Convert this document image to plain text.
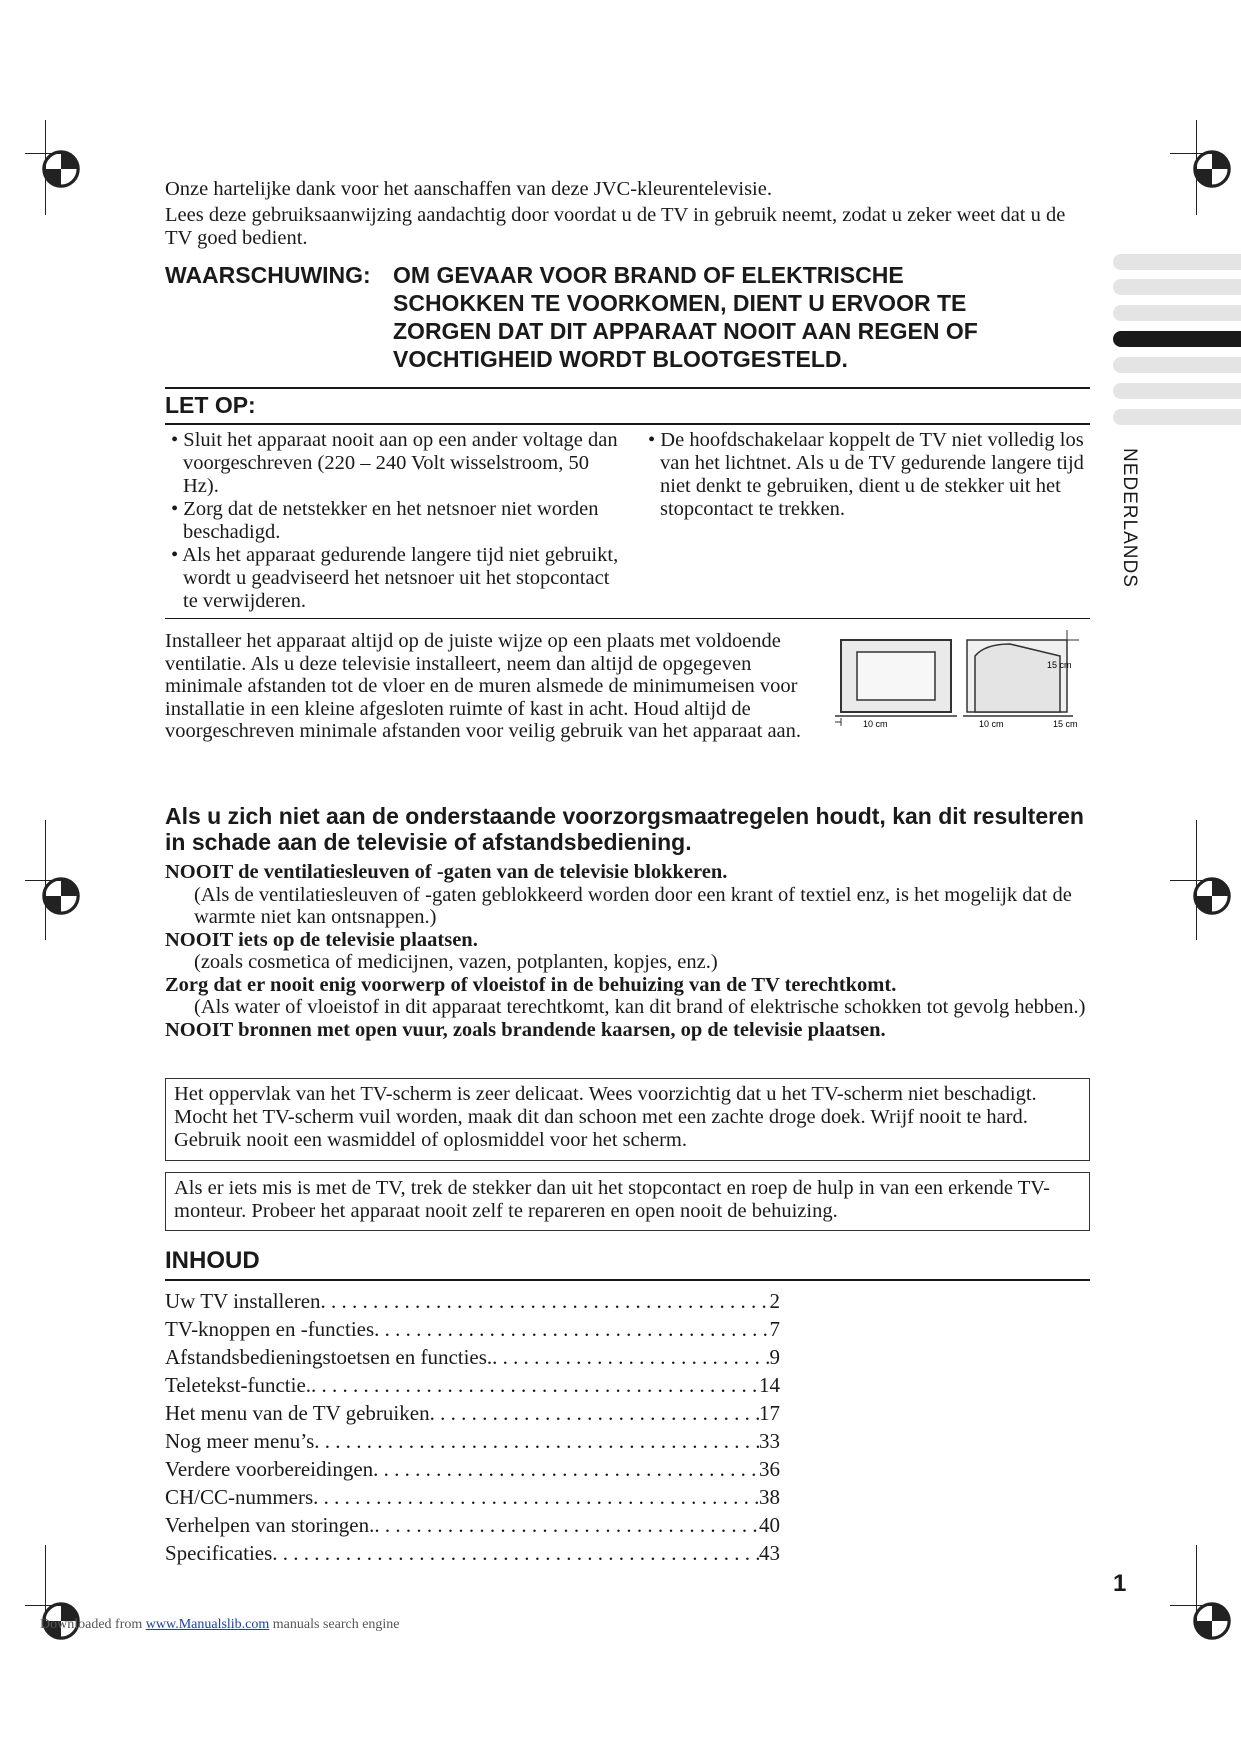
NEDERLANDS

Onze hartelijke dank voor het aanschaffen van deze JVC-kleurentelevisie.

Lees deze gebruiksaanwijzing aandachtig door voordat u de TV in gebruik neemt, zodat u zeker weet dat u de TV goed bedient.

WAARSCHUWING: OM GEVAAR VOOR BRAND OF ELEKTRISCHE
SCHOKKEN TE VOORKOMEN, DIENT U ERVOOR TE
ZORGEN DAT DIT APPARAAT NOOIT AAN REGEN OF
VOCHTIGHEID WORDT BLOOTGESTELD.
LET OP:

• Sluit het apparaat nooit aan op een ander voltage dan voorgeschreven (220 – 240 Volt wisselstroom, 50 Hz).

• Zorg dat de netstekker en het netsnoer niet worden beschadigd.

• Als het apparaat gedurende langere tijd niet gebruikt, wordt u geadviseerd het netsnoer uit het stopcontact te verwijderen.

• De hoofdschakelaar koppelt de TV niet volledig los van het lichtnet. Als u de TV gedurende langere tijd niet denkt te gebruiken, dient u de stekker uit het stopcontact te trekken.

Installeer het apparaat altijd op de juiste wijze op een plaats met voldoende ventilatie. Als u deze televisie installeert, neem dan altijd de opgegeven minimale afstanden tot de vloer en de muren alsmede de minimumeisen voor installatie in een kleine afgesloten ruimte of kast in acht. Houd altijd de voorgeschreven minimale afstanden voor veilig gebruik van het apparaat aan.	10 cm
15 cm
10 cm	15 cm
Als u zich niet aan de onderstaande voorzorgsmaatregelen houdt, kan dit resulteren in schade aan de televisie of afstandsbediening.
NOOIT de ventilatiesleuven of -gaten van de televisie blokkeren.
(Als de ventilatiesleuven of -gaten geblokkeerd worden door een krant of textiel enz, is het mogelijk dat de warmte niet kan ontsnappen.)
NOOIT iets op de televisie plaatsen.
(zoals cosmetica of medicijnen, vazen, potplanten, kopjes, enz.)
Zorg dat er nooit enig voorwerp of vloeistof in de behuizing van de TV terechtkomt.
(Als water of vloeistof in dit apparaat terechtkomt, kan dit brand of elektrische schokken tot gevolg hebben.)
NOOIT bronnen met open vuur, zoals brandende kaarsen, op de televisie plaatsen.
Het oppervlak van het TV-scherm is zeer delicaat. Wees voorzichtig dat u het TV-scherm niet beschadigt. Mocht het TV-scherm vuil worden, maak dit dan schoon met een zachte droge doek. Wrijf nooit te hard. Gebruik nooit een wasmiddel of oplosmiddel voor het scherm.
Als er iets mis is met de TV, trek de stekker dan uit het stopcontact en roep de hulp in van een erkende TV-monteur. Probeer het apparaat nooit zelf te repareren en open nooit de behuizing.
INHOUD
Uw TV installeren . . .	2
TV-knoppen en -functies . . .	7
Afstandsbedieningstoetsen en functies. . . .	9
Teletekst-functie. . . .	14
Het menu van de TV gebruiken . . .	17
Nog meer menu’s . . .	33
Verdere voorbereidingen . . .	36
CH/CC-nummers . . .	38
Verhelpen van storingen. . . .	40
Specificaties . . .	43
1
Downloaded from www.Manualslib.com manuals search engine
